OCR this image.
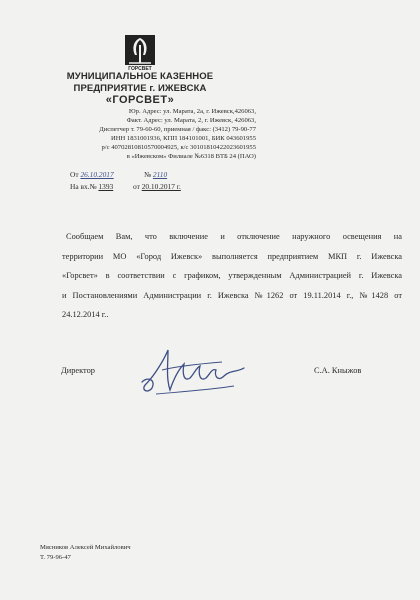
ГОРСВЕТ
МУНИЦИПАЛЬНОЕ КАЗЕННОЕ
ПРЕДПРИЯТИЕ г. ИЖЕВСКА
«ГОРСВЕТ»
Юр. Адрес: ул. Марата, 2а, г. Ижевск,426063,
Факт. Адрес: ул. Марата, 2, г. Ижевск, 426063,
Диспетчер т. 79-60-60, приемная / факс: (3412) 79-90-77
ИНН 1831001936, КПП 184101001, БИК 043601955
р/с 40702810810570004925, к/с 30101810422023601955
в «Ижевском» Филиале №6318 ВТБ 24 (ПАО)
От 26.10.2017	№ 2110
На вх.№ 1393	от 20.10.2017 г.
Сообщаем Вам, что включение и отключение наружного освещения на
территории МО «Город Ижевск» выполняется предприятием МКП г. Ижевска
«Горсвет» в соответствии с графиком, утвержденным Администрацией г. Ижевска
и Постановлениями Администрации г. Ижевска №1262 от 19.11.2014 г., №1428 от
24.12.2014 г..
Директор	С.А. Кныжов
Мясников Алексей Михайлович
Т. 79-96-47
